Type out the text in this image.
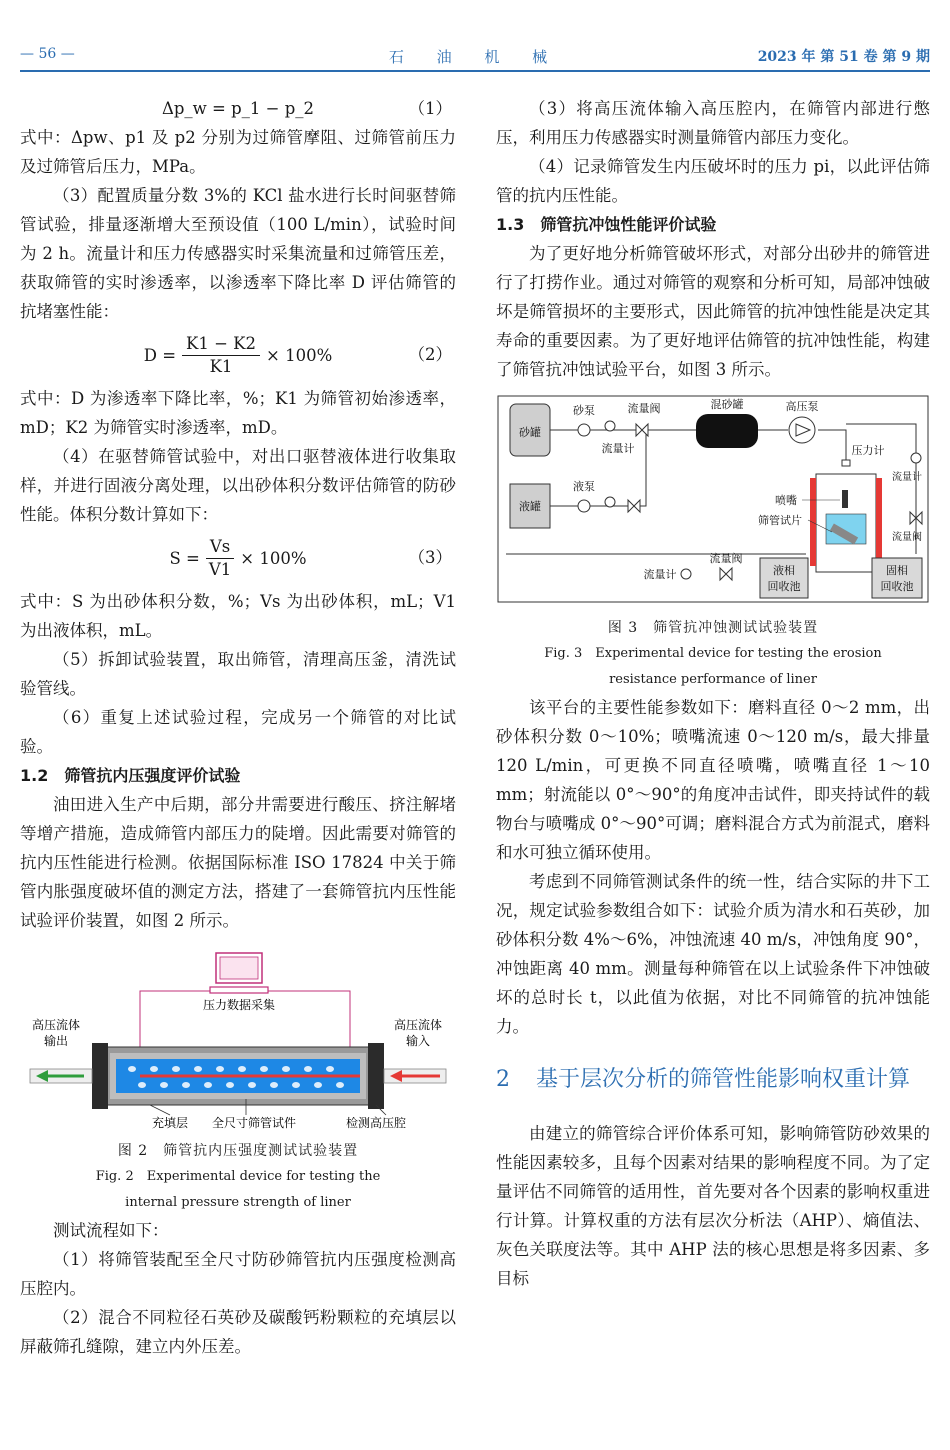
— 56 —	石 油 机 械	2023 年 第 51 卷 第 9 期
Δp_w = p_1 − p_2	（1）

式中：Δpw、p1 及 p2 分别为过筛管摩阻、过筛管前压力及过筛管后压力，MPa。

（3）配置质量分数 3%的 KCl 盐水进行长时间驱替筛管试验，排量逐渐增大至预设值（100 L/min），试验时间为 2 h。流量计和压力传感器实时采集流量和过筛管压差，获取筛管的实时渗透率，以渗透率下降比率 D 评估筛管的抗堵塞性能：

$D = \frac{K1 - K2}{K1} \times 100\%$	（2）

式中：D 为渗透率下降比率，%；K1 为筛管初始渗透率，mD；K2 为筛管实时渗透率，mD。

（4）在驱替筛管试验中，对出口驱替液体进行收集取样，并进行固液分离处理，以出砂体积分数评估筛管的防砂性能。体积分数计算如下：

$S = \frac{Vs}{V1} \times 100\%$	（3）

式中：S 为出砂体积分数，%；Vs 为出砂体积，mL；V1 为出液体积，mL。

（5）拆卸试验装置，取出筛管，清理高压釜，清洗试验管线。

（6）重复上述试验过程，完成另一个筛管的对比试验。

1.2　筛管抗内压强度评价试验

油田进入生产中后期，部分井需要进行酸压、挤注解堵等增产措施，造成筛管内部压力的陡增。因此需要对筛管的抗内压性能进行检测。依据国际标准 ISO 17824 中关于筛管内胀强度破坏值的测定方法，搭建了一套筛管抗内压性能试验评价装置，如图 2 所示。

压力数据采集
高压流体
输出
高压流体
输入
充填层 全尺寸筛管试件	检测高压腔
图 2　筛管抗内压强度测试试验装置
Fig. 2　Experimental device for testing the
internal pressure strength of liner

测试流程如下：

（1）将筛管装配至全尺寸防砂筛管抗内压强度检测高压腔内。

（2）混合不同粒径石英砂及碳酸钙粉颗粒的充填层以屏蔽筛孔缝隙，建立内外压差。

（3）将高压流体输入高压腔内，在筛管内部进行憋压，利用压力传感器实时测量筛管内部压力变化。

（4）记录筛管发生内压破坏时的压力 pi，以此评估筛管的抗内压性能。

1.3　筛管抗冲蚀性能评价试验

为了更好地分析筛管破坏形式，对部分出砂井的筛管进行了打捞作业。通过对筛管的观察和分析可知，局部冲蚀破坏是筛管损坏的主要形式，因此筛管的抗冲蚀性能是决定其寿命的重要因素。为了更好地评估筛管的抗冲蚀性能，构建了筛管抗冲蚀试验平台，如图 3 所示。

砂罐
液罐
砂泵
流量计
流量阀
液泵
混砂罐	高压泵
压力计
喷嘴
筛管试片
流量计
流量阀
流量计
流量阀
液相
回收池
固相
回收池
图 3　筛管抗冲蚀测试试验装置
Fig. 3　Experimental device for testing the erosion
resistance performance of liner

该平台的主要性能参数如下：磨料直径 0～2 mm，出砂体积分数 0～10%；喷嘴流速 0～120 m/s，最大排量 120 L/min，可更换不同直径喷嘴，喷嘴直径 1～10 mm；射流能以 0°～90°的角度冲击试件，即夹持试件的载物台与喷嘴成 0°～90°可调；磨料混合方式为前混式，磨料和水可独立循环使用。

考虑到不同筛管测试条件的统一性，结合实际的井下工况，规定试验参数组合如下：试验介质为清水和石英砂，加砂体积分数 4%～6%，冲蚀流速 40 m/s，冲蚀角度 90°，冲蚀距离 40 mm。测量每种筛管在以上试验条件下冲蚀破坏的总时长 t，以此值为依据，对比不同筛管的抗冲蚀能力。

2	基于层次分析的筛管性能影响权重计算

由建立的筛管综合评价体系可知，影响筛管防砂效果的性能因素较多，且每个因素对结果的影响程度不同。为了定量评估不同筛管的适用性，首先要对各个因素的影响权重进行计算。计算权重的方法有层次分析法（AHP）、熵值法、灰色关联度法等。其中 AHP 法的核心思想是将多因素、多目标
